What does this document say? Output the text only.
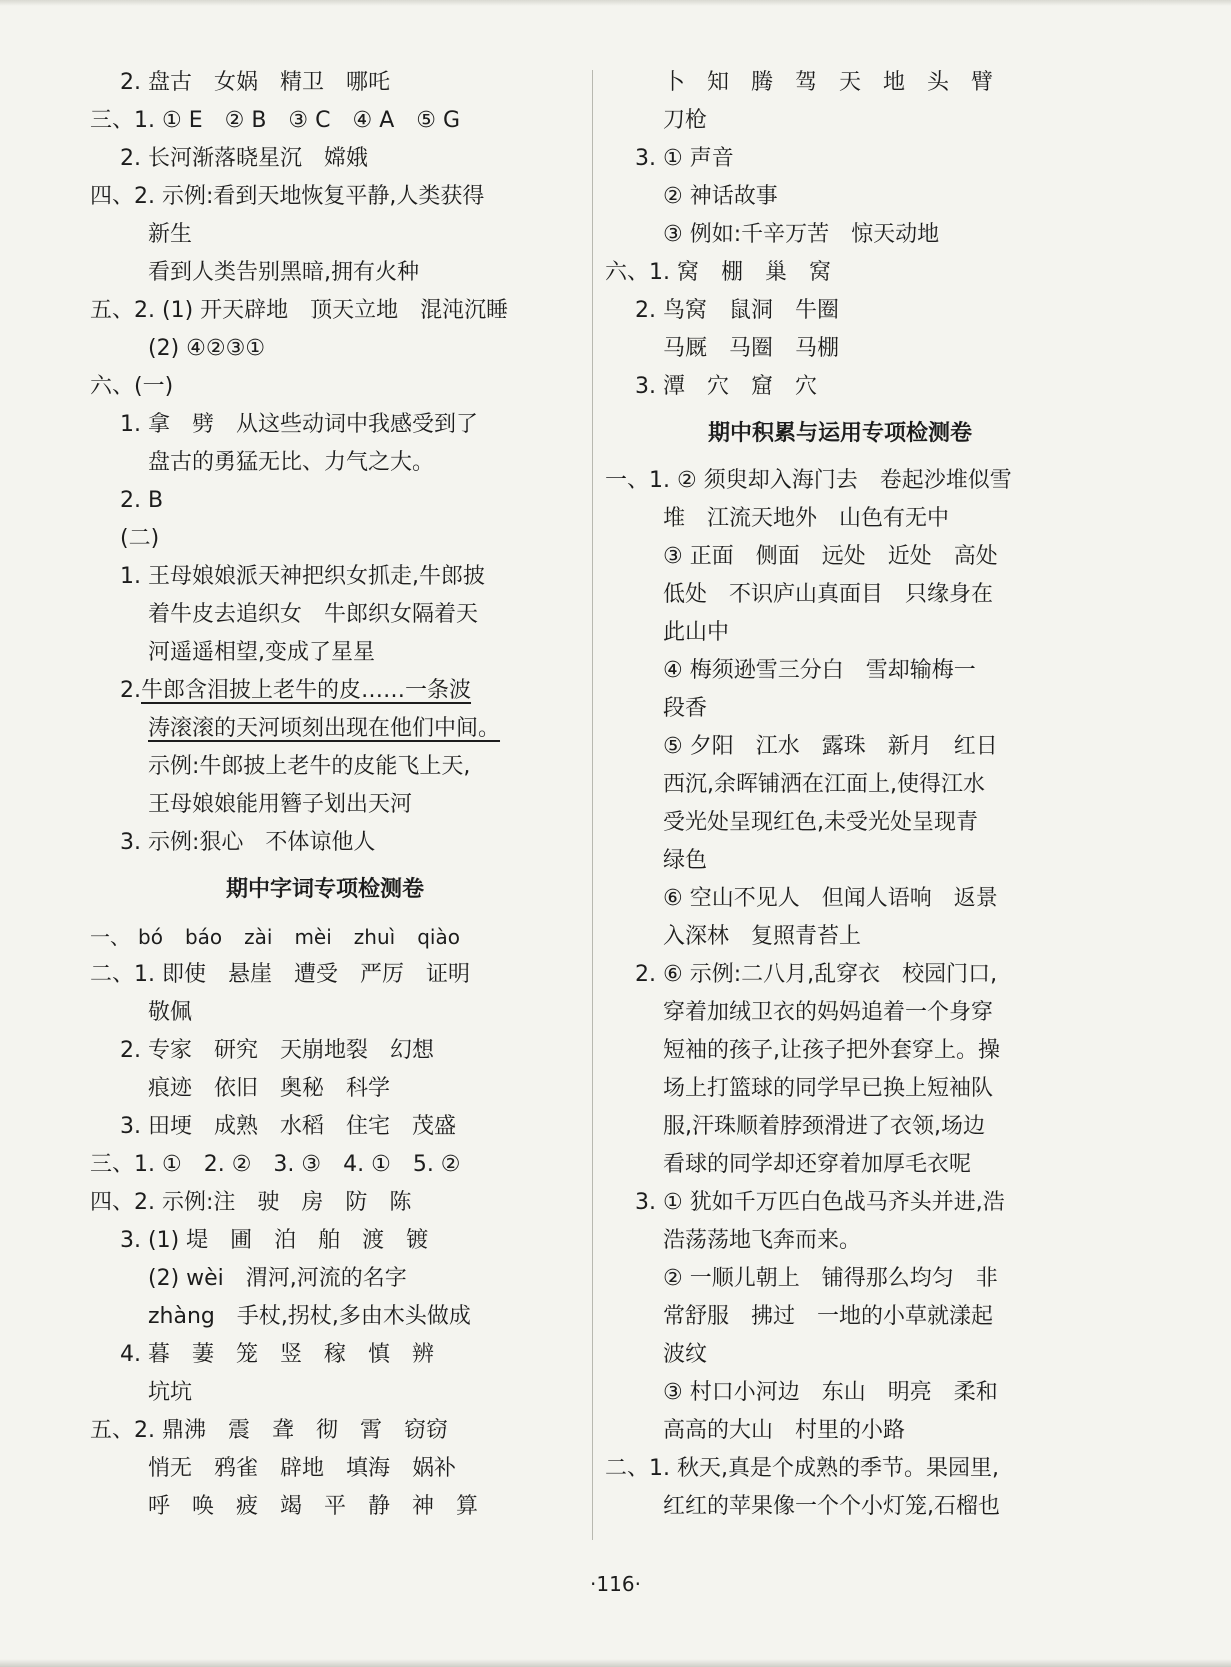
2. 盘古　女娲　精卫　哪吒
三、1. ① E　② B　③ C　④ A　⑤ G
2. 长河渐落晓星沉　嫦娥
四、2. 示例:看到天地恢复平静,人类获得
新生
看到人类告别黑暗,拥有火种
五、2. (1) 开天辟地　顶天立地　混沌沉睡
(2) ④②③①
六、(一)
1. 拿　劈　从这些动词中我感受到了
盘古的勇猛无比、力气之大。
2. B
(二)
1. 王母娘娘派天神把织女抓走,牛郎披
着牛皮去追织女　牛郎织女隔着天
河遥遥相望,变成了星星
2.牛郎含泪披上老牛的皮……一条波
涛滚滚的天河顷刻出现在他们中间。
示例:牛郎披上老牛的皮能飞上天,
王母娘娘能用簪子划出天河
3. 示例:狠心　不体谅他人
期中字词专项检测卷
一、 bó báo zài mèi zhuì qiào
二、1. 即使　悬崖　遭受　严厉　证明
敬佩
2. 专家　研究　天崩地裂　幻想
痕迹　依旧　奥秘　科学
3. 田埂　成熟　水稻　住宅　茂盛
三、1. ①　2. ②　3. ③　4. ①　5. ②
四、2. 示例:注　驶　房　防　陈
3. (1) 堤　圃　泊　舶　渡　镀
(2) wèi　渭河,河流的名字
zhàng　手杖,拐杖,多由木头做成
4. 暮　萋　笼　竖　稼　慎　辨
坑坑
五、2. 鼎沸　震　聋　彻　霄　窃窃
悄无　鸦雀　辟地　填海　娲补
呼　唤　疲　竭　平　静　神　算
卜　知　腾　驾　天　地　头　臂
刀枪
3. ① 声音
② 神话故事
③ 例如:千辛万苦　惊天动地
六、1. 窝　棚　巢　窝
2. 鸟窝　鼠洞　牛圈
马厩　马圈　马棚
3. 潭　穴　窟　穴
期中积累与运用专项检测卷
一、1. ② 须臾却入海门去　卷起沙堆似雪
堆　江流天地外　山色有无中
③ 正面　侧面　远处　近处　高处
低处　不识庐山真面目　只缘身在
此山中
④ 梅须逊雪三分白　雪却输梅一
段香
⑤ 夕阳　江水　露珠　新月　红日
西沉,余晖铺洒在江面上,使得江水
受光处呈现红色,未受光处呈现青
绿色
⑥ 空山不见人　但闻人语响　返景
入深林　复照青苔上
2. ⑥ 示例:二八月,乱穿衣　校园门口,
穿着加绒卫衣的妈妈追着一个身穿
短袖的孩子,让孩子把外套穿上。操
场上打篮球的同学早已换上短袖队
服,汗珠顺着脖颈滑进了衣领,场边
看球的同学却还穿着加厚毛衣呢
3. ① 犹如千万匹白色战马齐头并进,浩
浩荡荡地飞奔而来。
② 一顺儿朝上　铺得那么均匀　非
常舒服　拂过　一地的小草就漾起
波纹
③ 村口小河边　东山　明亮　柔和
高高的大山　村里的小路
二、1. 秋天,真是个成熟的季节。果园里,
红红的苹果像一个个小灯笼,石榴也
·116·
